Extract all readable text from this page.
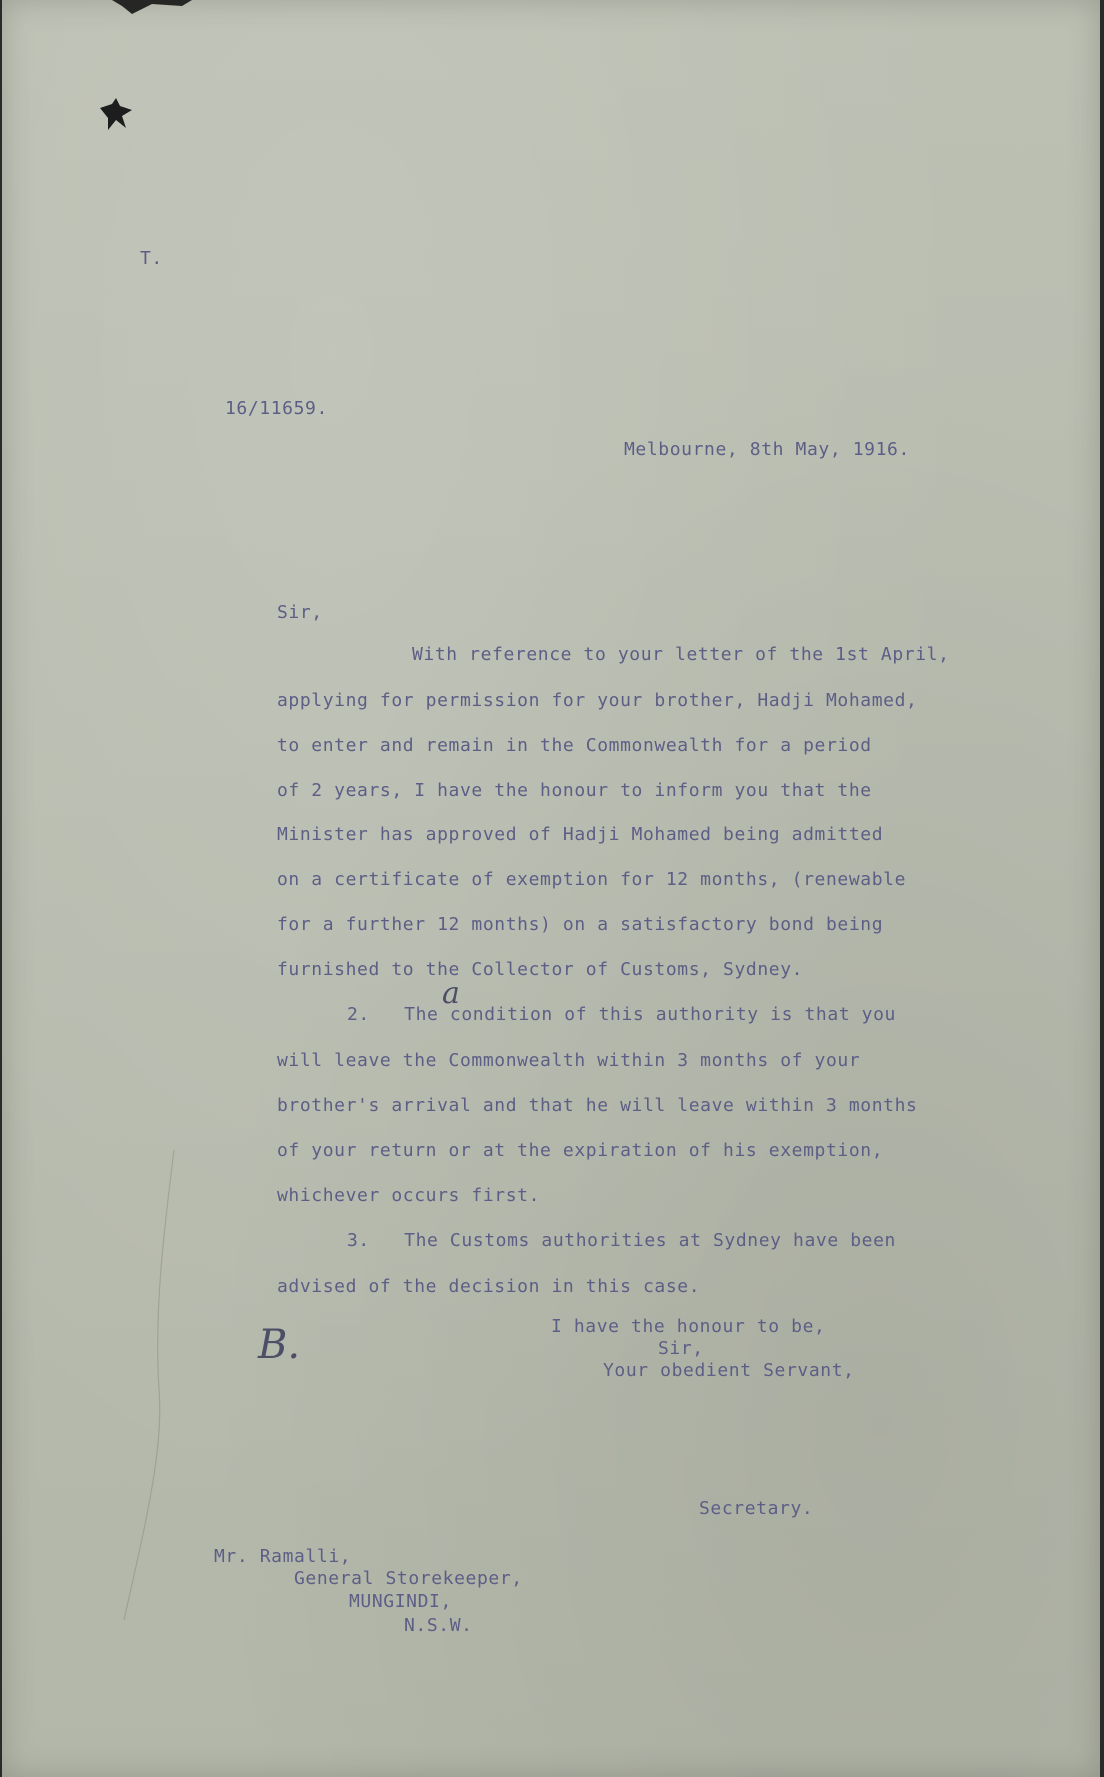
T.
16/11659.
Melbourne, 8th May, 1916.
Sir,
With reference to your letter of the 1st April,
applying for permission for your brother, Hadji Mohamed,
to enter and remain in the Commonwealth for a period
of 2 years, I have the honour to inform you that the
Minister has approved of Hadji Mohamed being admitted
on a certificate of exemption for 12 months, (renewable
for a further 12 months) on a satisfactory bond being
furnished to the Collector of Customs, Sydney.
a
2.   The condition of this authority is that you
will leave the Commonwealth within 3 months of your
brother's arrival and that he will leave within 3 months
of your return or at the expiration of his exemption,
whichever occurs first.
3.   The Customs authorities at Sydney have been
advised of the decision in this case.
I have the honour to be,
Sir,
Your obedient Servant,
B.
Secretary.
Mr. Ramalli,
General Storekeeper,
MUNGINDI,
N.S.W.
